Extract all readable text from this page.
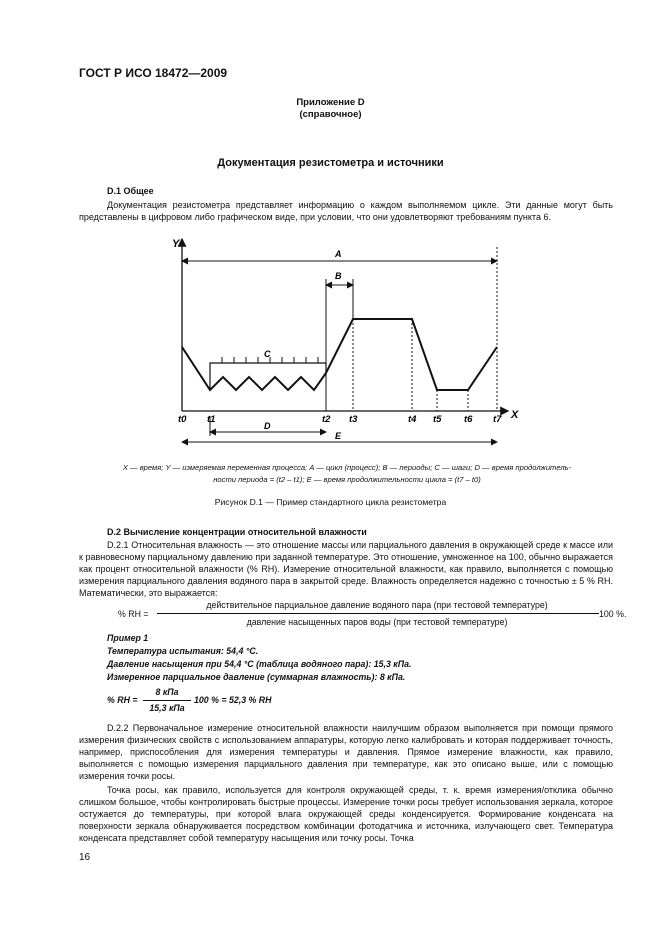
ГОСТ Р ИСО 18472—2009
Приложение D
(справочное)
Документация резистометра и источники
D.1 Общее
Документация резистометра представляет информацию о каждом выполняемом цикле. Эти данные могут быть представлены в цифровом либо графическом виде, при условии, что они удовлетворяют требованиям пункта 6.
Y
X
C
A
B
t0 t1	t2 t3	t4 t5 t6 t7
D
E
X — время; Y — измеряемая переменная процесса; A — цикл (процесс); B — периоды; C — шаги; D — время продолжитель-
ности периода = (t2 – t1); E — время продолжительности цикла = (t7 – t0)
Рисунок D.1 — Пример стандартного цикла резистометра
D.2 Вычисление концентрации относительной влажности
D.2.1 Относительная влажность — это отношение массы или парциального давления в окружающей среде к массе или к равновесному парциальному давлению при заданной температуре. Это отношение, умноженное на 100, обычно выражается как процент относительной влажности (% RH). Измерение относительной влажности, как правило, выполняется с помощью измерения парциального давления водяного пара в закрытой среде. Влажность определяется надежно с точностью ± 5 % RH. Математически, это выражается:
% RH =
действительное парциальное давление водяного пара (при тестовой температуре)
давление насыщенных паров воды (при тестовой температуре)
100 %.
Пример 1
Температура испытания: 54,4 °С.
Давление насыщения при 54,4 °С (таблица водяного пара): 15,3 кПа.
Измеренное парциальное давление (суммарная влажность): 8 кПа.
% RH =
8 кПа
15,3 кПа
100 % = 52,3 % RH
D.2.2 Первоначальное измерение относительной влажности наилучшим образом выполняется при помощи прямого измерения физических свойств с использованием аппаратуры, которую легко калибровать и которая поддерживает точность, например, приспособления для измерения температуры и давления. Прямое измерение влажности, как правило, выполняется с помощью измерения парциального давления при температуре, как это описано выше, или с помощью измерения точки росы.
Точка росы, как правило, используется для контроля окружающей среды, т. к. время измерения/отклика обычно слишком большое, чтобы контролировать быстрые процессы. Измерение точки росы требует использования зеркала, которое остужается до температуры, при которой влага окружающей среды конденсируется. Формирование конденсата на поверхности зеркала обнаруживается посредством комбинации фотодатчика и источника, излучающего свет. Температура конденсата представляет собой температуру насыщения или точку росы. Точка
16
